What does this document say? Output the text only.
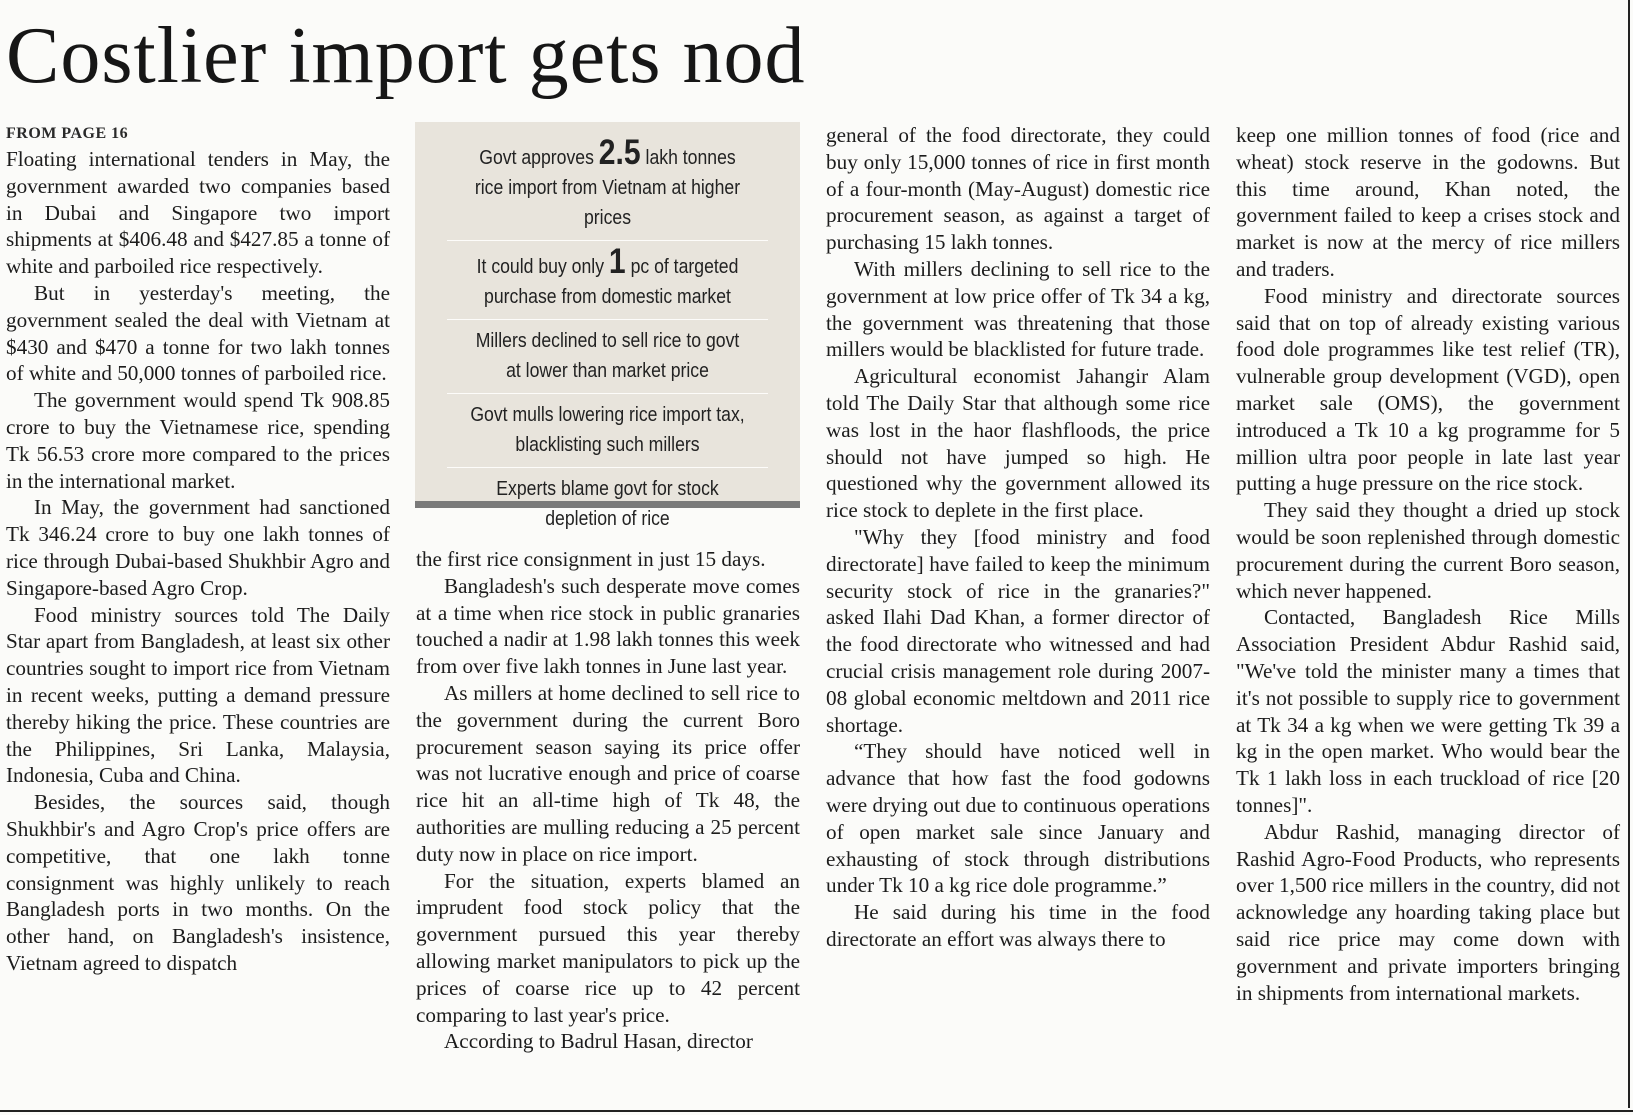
Costlier import gets nod
FROM PAGE 16

Floating international tenders in May, the government awarded two companies based in Dubai and Singapore two import shipments at $406.48 and $427.85 a tonne of white and parboiled rice respectively.

But in yesterday's meeting, the government sealed the deal with Vietnam at $430 and $470 a tonne for two lakh tonnes of white and 50,000 tonnes of parboiled rice.

The government would spend Tk 908.85 crore to buy the Vietnamese rice, spending Tk 56.53 crore more compared to the prices in the international market.

In May, the government had sanctioned Tk 346.24 crore to buy one lakh tonnes of rice through Dubai-based Shukhbir Agro and Singapore-based Agro Crop.

Food ministry sources told The Daily Star apart from Bangladesh, at least six other countries sought to import rice from Vietnam in recent weeks, putting a demand pressure thereby hiking the price. These countries are the Philippines, Sri Lanka, Malaysia, Indonesia, Cuba and China.

Besides, the sources said, though Shukhbir's and Agro Crop's price offers are competitive, that one lakh tonne consignment was highly unlikely to reach Bangladesh ports in two months. On the other hand, on Bangladesh's insistence, Vietnam agreed to dispatch

Govt approves 2.5 lakh tonnes rice import from Vietnam at higher prices
It could buy only 1 pc of targeted purchase from domestic market
Millers declined to sell rice to govt at lower than market price
Govt mulls lowering rice import tax, blacklisting such millers
Experts blame govt for stock depletion of rice

the first rice consignment in just 15 days.

Bangladesh's such desperate move comes at a time when rice stock in public granaries touched a nadir at 1.98 lakh tonnes this week from over five lakh tonnes in June last year.

As millers at home declined to sell rice to the government during the current Boro procurement season saying its price offer was not lucrative enough and price of coarse rice hit an all-time high of Tk 48, the authorities are mulling reducing a 25 percent duty now in place on rice import.

For the situation, experts blamed an imprudent food stock policy that the government pursued this year thereby allowing market manipulators to pick up the prices of coarse rice up to 42 percent comparing to last year's price.

According to Badrul Hasan, director

general of the food directorate, they could buy only 15,000 tonnes of rice in first month of a four-month (May-August) domestic rice procurement season, as against a target of purchasing 15 lakh tonnes.

With millers declining to sell rice to the government at low price offer of Tk 34 a kg, the government was threatening that those millers would be blacklisted for future trade.

Agricultural economist Jahangir Alam told The Daily Star that although some rice was lost in the haor flashfloods, the price should not have jumped so high. He questioned why the government allowed its rice stock to deplete in the first place.

"Why they [food ministry and food directorate] have failed to keep the minimum security stock of rice in the granaries?" asked Ilahi Dad Khan, a former director of the food directorate who witnessed and had crucial crisis management role during 2007-08 global economic meltdown and 2011 rice shortage.

“They should have noticed well in advance that how fast the food godowns were drying out due to continuous operations of open market sale since January and exhausting of stock through distributions under Tk 10 a kg rice dole programme.”

He said during his time in the food directorate an effort was always there to

keep one million tonnes of food (rice and wheat) stock reserve in the godowns. But this time around, Khan noted, the government failed to keep a crises stock and market is now at the mercy of rice millers and traders.

Food ministry and directorate sources said that on top of already existing various food dole programmes like test relief (TR), vulnerable group development (VGD), open market sale (OMS), the government introduced a Tk 10 a kg programme for 5 million ultra poor people in late last year putting a huge pressure on the rice stock.

They said they thought a dried up stock would be soon replenished through domestic procurement during the current Boro season, which never happened.

Contacted, Bangladesh Rice Mills Association President Abdur Rashid said, "We've told the minister many a times that it's not possible to supply rice to government at Tk 34 a kg when we were getting Tk 39 a kg in the open market. Who would bear the Tk 1 lakh loss in each truckload of rice [20 tonnes]".

Abdur Rashid, managing director of Rashid Agro-Food Products, who represents over 1,500 rice millers in the country, did not acknowledge any hoarding taking place but said rice price may come down with government and private importers bringing in shipments from international markets.
